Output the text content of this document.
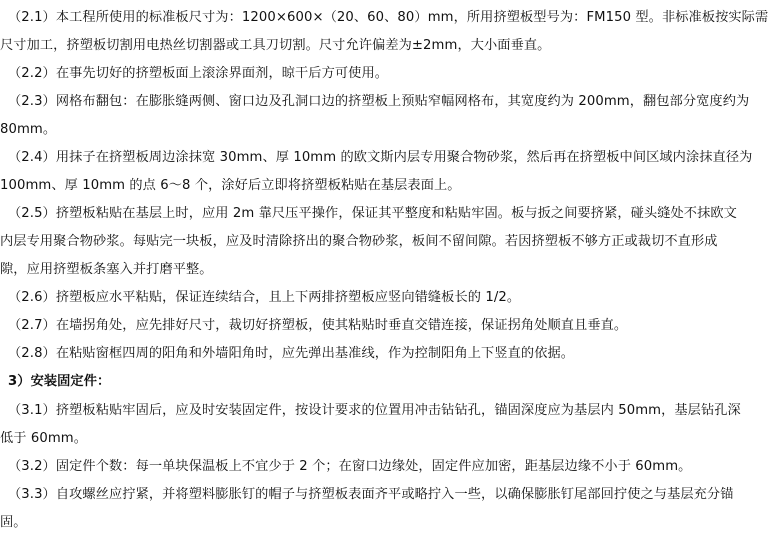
（2.1）本工程所使用的标准板尺寸为：1200×600×（20、60、80）mm，所用挤塑板型号为：FM150 型。非标准板按实际需
尺寸加工，挤塑板切割用电热丝切割器或工具刀切割。尺寸允许偏差为±2mm，大小面垂直。
（2.2）在事先切好的挤塑板面上滚涂界面剂，晾干后方可使用。
（2.3）网格布翻包：在膨胀缝两侧、窗口边及孔洞口边的挤塑板上预贴窄幅网格布，其宽度约为 200mm，翻包部分宽度约为
80mm。
（2.4）用抹子在挤塑板周边涂抹宽 30mm、厚 10mm 的欧文斯内层专用聚合物砂浆，然后再在挤塑板中间区域内涂抹直径为
100mm、厚 10mm 的点 6～8 个，涂好后立即将挤塑板粘贴在基层表面上。
（2.5）挤塑板粘贴在基层上时，应用 2m 靠尺压平操作，保证其平整度和粘贴牢固。板与扳之间要挤紧，碰头缝处不抹欧文
内层专用聚合物砂浆。每贴完一块板，应及时清除挤出的聚合物砂浆，板间不留间隙。若因挤塑板不够方正或裁切不直形成
隙，应用挤塑板条塞入并打磨平整。
（2.6）挤塑板应水平粘贴，保证连续结合，且上下两排挤塑板应竖向错缝板长的 1/2。
（2.7）在墙拐角处，应先排好尺寸，裁切好挤塑板，使其粘贴时垂直交错连接，保证拐角处顺直且垂直。
（2.8）在粘贴窗框四周的阳角和外墙阳角时，应先弹出基准线，作为控制阳角上下竖直的依据。
3）安装固定件：
（3.1）挤塑板粘贴牢固后，应及时安装固定件，按设计要求的位置用冲击钻钻孔，锚固深度应为基层内 50mm，基层钻孔深
低于 60mm。
（3.2）固定件个数：每一单块保温板上不宜少于 2 个；在窗口边缘处，固定件应加密，距基层边缘不小于 60mm。
（3.3）自攻螺丝应拧紧，并将塑料膨胀钉的帽子与挤塑板表面齐平或略拧入一些，以确保膨胀钉尾部回拧使之与基层充分锚
固。
